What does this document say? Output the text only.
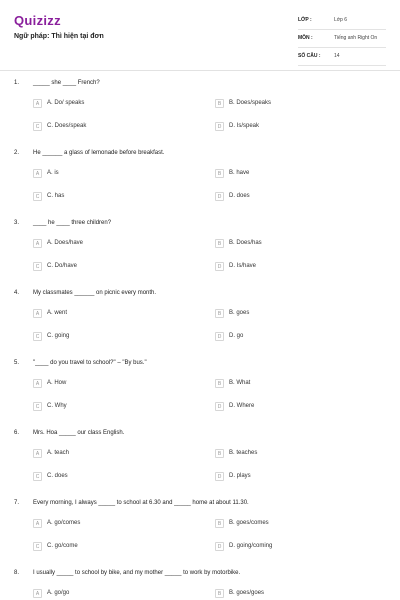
Quizizz
Ngữ pháp: Thì hiện tại đơn
LỚP :	Lớp 6
MÔN :	Tiếng anh Right On
SỐ CÂU :	14
1. _____ she ____ French?
A	A. Do/ speaks	B	B. Does/speaks
C	C. Does/speak	D	D. Is/speak
2. He ______ a glass of lemonade before breakfast.
A	A. is	B	B. have
C	C. has	D	D. does
3. ____ he ____ three children?
A	A. Does/have	B	B. Does/has
C	C. Do/have	D	D. Is/have
4. My classmates ______ on picnic every month.
A	A. went	B	B. goes
C	C. going	D	D. go
5. "____ do you travel to school?" – "By bus."
A	A. How	B	B. What
C	C. Why	D	D. Where
6. Mrs. Hoa _____ our class English.
A	A. teach	B	B. teaches
C	C. does	D	D. plays
7. Every morning, I always _____ to school at 6.30 and _____ home at about 11.30.
A	A. go/comes	B	B. goes/comes
C	C. go/come	D	D. going/coming
8. I usually _____ to school by bike, and my mother _____ to work by motorbike.
A	A. go/go	B	B. goes/goes
